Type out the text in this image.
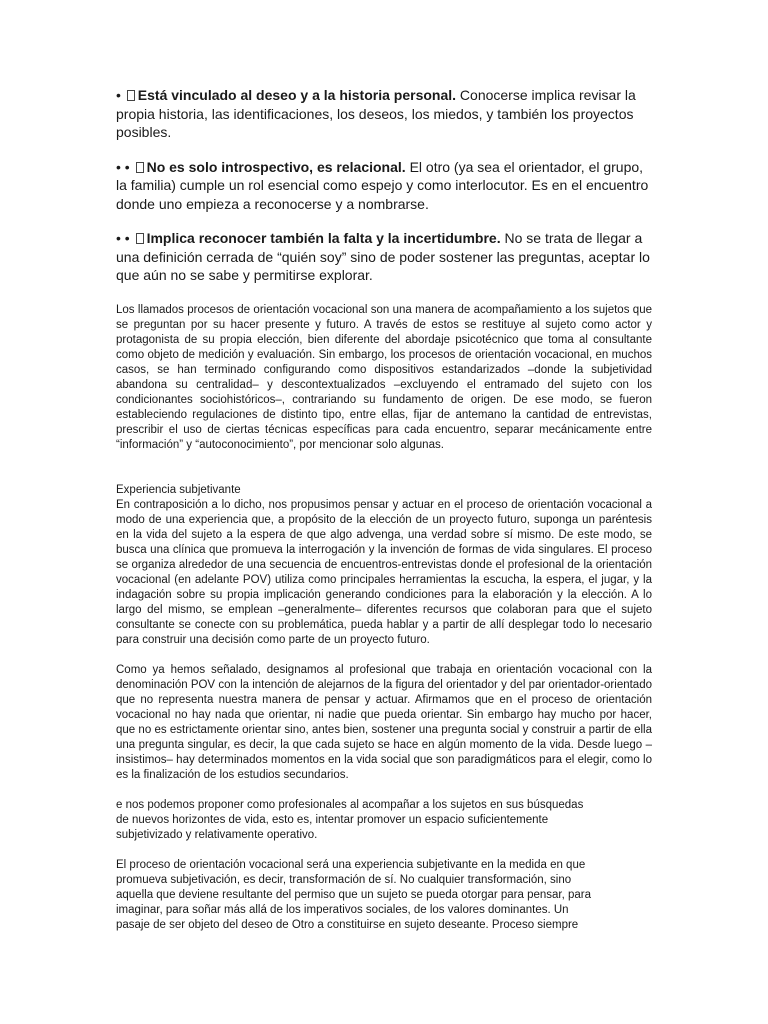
• Está vinculado al deseo y a la historia personal. Conocerse implica revisar la propia historia, las identificaciones, los deseos, los miedos, y también los proyectos posibles.

• • No es solo introspectivo, es relacional. El otro (ya sea el orientador, el grupo, la familia) cumple un rol esencial como espejo y como interlocutor. Es en el encuentro donde uno empieza a reconocerse y a nombrarse.

• • Implica reconocer también la falta y la incertidumbre. No se trata de llegar a una definición cerrada de “quién soy” sino de poder sostener las preguntas, aceptar lo que aún no se sabe y permitirse explorar.

Los llamados procesos de orientación vocacional son una manera de acompañamiento a los sujetos que se preguntan por su hacer presente y futuro. A través de estos se restituye al sujeto como actor y protagonista de su propia elección, bien diferente del abordaje psicotécnico que toma al consultante como objeto de medición y evaluación. Sin embargo, los procesos de orientación vocacional, en muchos casos, se han terminado configurando como dispositivos estandarizados –donde la subjetividad abandona su centralidad– y descontextualizados –excluyendo el entramado del sujeto con los condicionantes sociohistóricos–, contrariando su fundamento de origen. De ese modo, se fueron estableciendo regulaciones de distinto tipo, entre ellas, fijar de antemano la cantidad de entrevistas, prescribir el uso de ciertas técnicas específicas para cada encuentro, separar mecánicamente entre “información” y “autoconocimiento”, por mencionar solo algunas.

Experiencia subjetivante

En contraposición a lo dicho, nos propusimos pensar y actuar en el proceso de orientación vocacional a modo de una experiencia que, a propósito de la elección de un proyecto futuro, suponga un paréntesis en la vida del sujeto a la espera de que algo advenga, una verdad sobre sí mismo. De este modo, se busca una clínica que promueva la interrogación y la invención de formas de vida singulares. El proceso se organiza alrededor de una secuencia de encuentros-entrevistas donde el profesional de la orientación vocacional (en adelante POV) utiliza como principales herramientas la escucha, la espera, el jugar, y la indagación sobre su propia implicación generando condiciones para la elaboración y la elección. A lo largo del mismo, se emplean –generalmente– diferentes recursos que colaboran para que el sujeto consultante se conecte con su problemática, pueda hablar y a partir de allí desplegar todo lo necesario para construir una decisión como parte de un proyecto futuro.

Como ya hemos señalado, designamos al profesional que trabaja en orientación vocacional con la denominación POV con la intención de alejarnos de la figura del orientador y del par orientador-orientado que no representa nuestra manera de pensar y actuar. Afirmamos que en el proceso de orientación vocacional no hay nada que orientar, ni nadie que pueda orientar. Sin embargo hay mucho por hacer, que no es estrictamente orientar sino, antes bien, sostener una pregunta social y construir a partir de ella una pregunta singular, es decir, la que cada sujeto se hace en algún momento de la vida. Desde luego –insistimos– hay determinados momentos en la vida social que son paradigmáticos para el elegir, como lo es la finalización de los estudios secundarios.

e nos podemos proponer como profesionales al acompañar a los sujetos en sus búsquedas de nuevos horizontes de vida, esto es, intentar promover un espacio suficientemente subjetivizado y relativamente operativo.

El proceso de orientación vocacional será una experiencia subjetivante en la medida en que promueva subjetivación, es decir, transformación de sí. No cualquier transformación, sino aquella que deviene resultante del permiso que un sujeto se pueda otorgar para pensar, para imaginar, para soñar más allá de los imperativos sociales, de los valores dominantes. Un pasaje de ser objeto del deseo de Otro a constituirse en sujeto deseante. Proceso siempre
